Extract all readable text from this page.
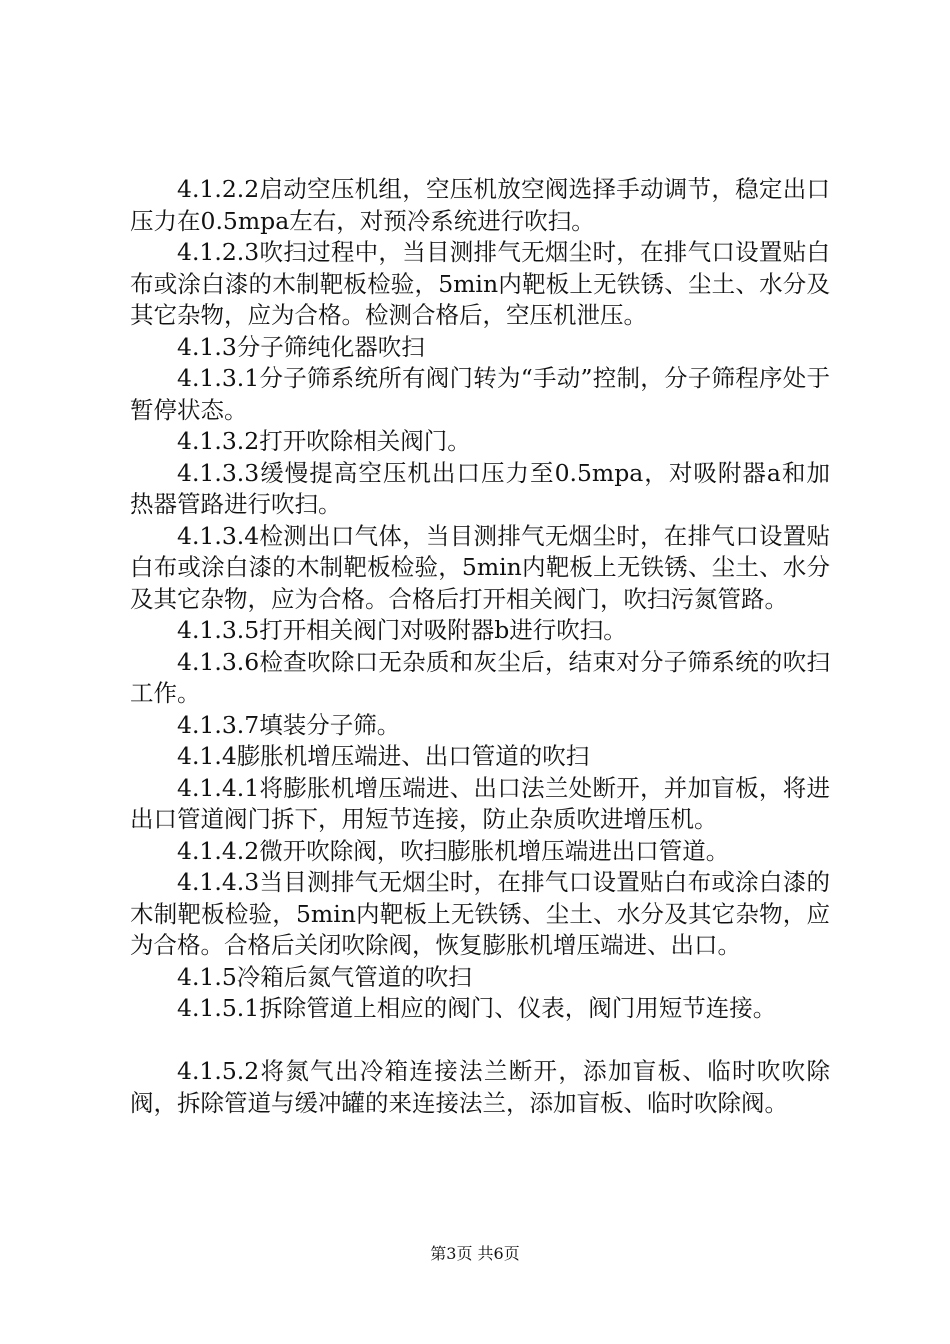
4.1.2.2启动空压机组，空压机放空阀选择手动调节，稳定出口压力在0.5mpa左右，对预冷系统进行吹扫。

4.1.2.3吹扫过程中，当目测排气无烟尘时，在排气口设置贴白布或涂白漆的木制靶板检验，5min内靶板上无铁锈、尘土、水分及其它杂物，应为合格。检测合格后，空压机泄压。

4.1.3分子筛纯化器吹扫

4.1.3.1分子筛系统所有阀门转为“手动”控制，分子筛程序处于暂停状态。

4.1.3.2打开吹除相关阀门。

4.1.3.3缓慢提高空压机出口压力至0.5mpa，对吸附器a和加热器管路进行吹扫。

4.1.3.4检测出口气体，当目测排气无烟尘时，在排气口设置贴白布或涂白漆的木制靶板检验，5min内靶板上无铁锈、尘土、水分及其它杂物，应为合格。合格后打开相关阀门，吹扫污氮管路。

4.1.3.5打开相关阀门对吸附器b进行吹扫。

4.1.3.6检查吹除口无杂质和灰尘后，结束对分子筛系统的吹扫工作。

4.1.3.7填装分子筛。

4.1.4膨胀机增压端进、出口管道的吹扫

4.1.4.1将膨胀机增压端进、出口法兰处断开，并加盲板，将进出口管道阀门拆下，用短节连接，防止杂质吹进增压机。

4.1.4.2微开吹除阀，吹扫膨胀机增压端进出口管道。

4.1.4.3当目测排气无烟尘时，在排气口设置贴白布或涂白漆的木制靶板检验，5min内靶板上无铁锈、尘土、水分及其它杂物，应为合格。合格后关闭吹除阀，恢复膨胀机增压端进、出口。

4.1.5冷箱后氮气管道的吹扫

4.1.5.1拆除管道上相应的阀门、仪表，阀门用短节连接。

4.1.5.2将氮气出冷箱连接法兰断开，添加盲板、临时吹吹除阀，拆除管道与缓冲罐的来连接法兰，添加盲板、临时吹除阀。

第3页 共6页
